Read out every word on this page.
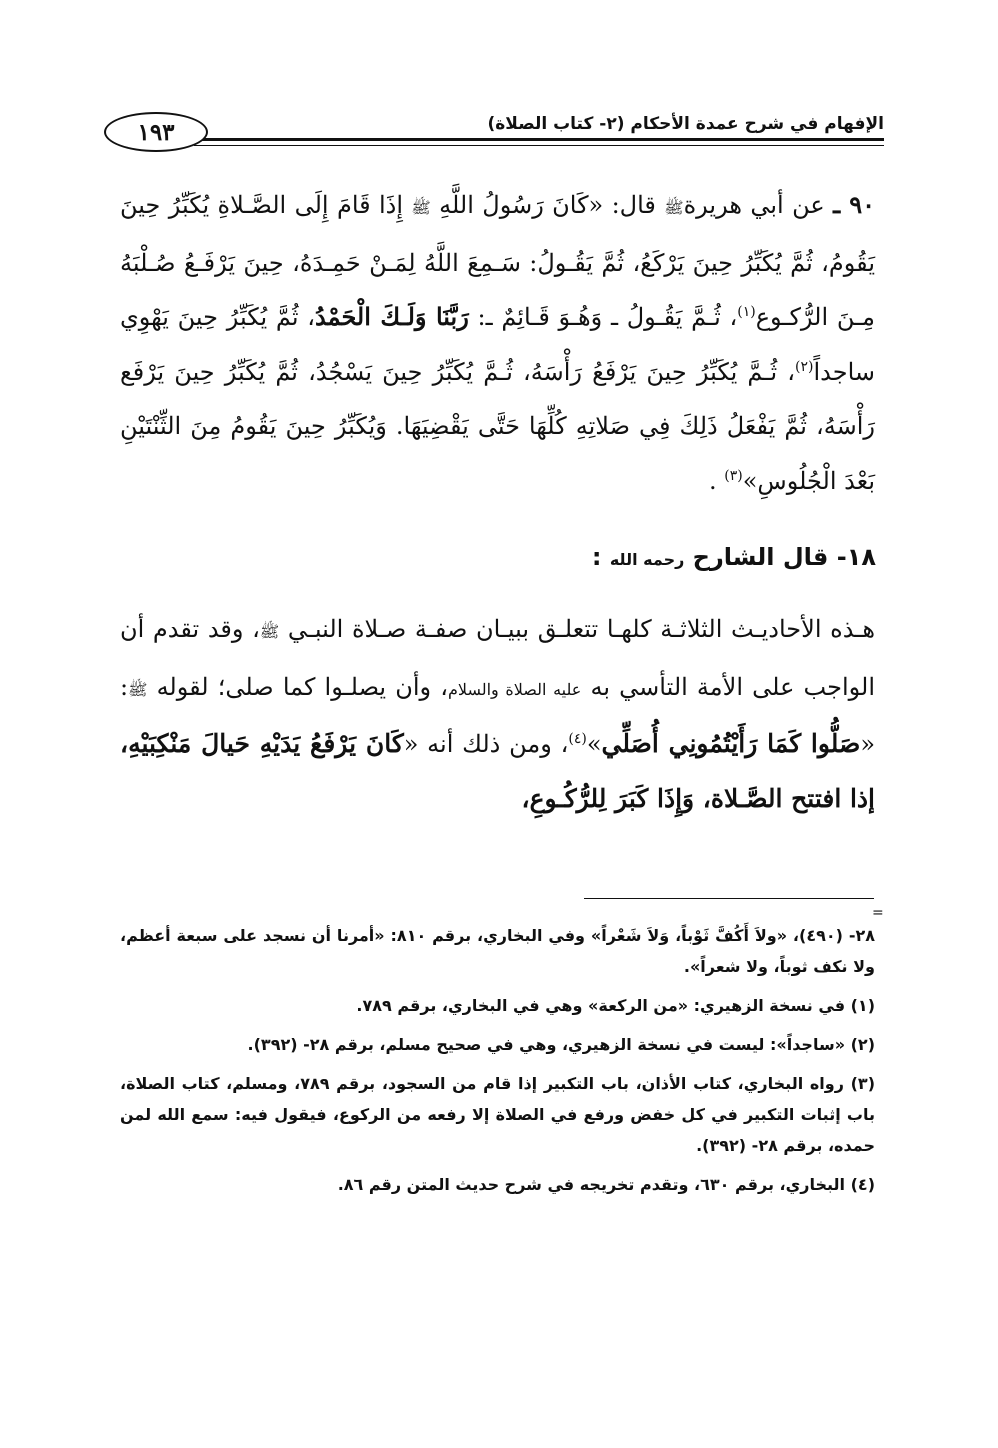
١٩٣	الإفهام في شرح عمدة الأحكام (٢- كتاب الصلاة)
٩٠ ـ عن أبي هريرةﷺ قال: «كَانَ رَسُولُ اللَّهِ ﷺ إِذَا قَامَ إِلَى الصَّـلاةِ يُكَبِّرُ حِينَ يَقُومُ، ثُمَّ يُكَبِّرُ حِينَ يَرْكَعُ، ثُمَّ يَقُـولُ: سَـمِعَ اللَّهُ لِمَـنْ حَمِـدَهُ، حِينَ يَرْفَـعُ صُـلْبَهُ مِـنَ الرُّكـوع$^{(١)}$، ثُـمَّ يَقُـولُ ـ وَهُـوَ قَـائِمٌ ـ: رَبَّنَا وَلَـكَ الْحَمْدُ، ثُمَّ يُكَبِّرُ حِينَ يَهْوِي ساجداً$^{(٢)}$، ثُـمَّ يُكَبِّرُ حِينَ يَرْفَعُ رَأْسَهُ، ثُـمَّ يُكَبِّرُ حِينَ يَسْجُدُ، ثُمَّ يُكَبِّرُ حِينَ يَرْفَع رَأْسَهُ، ثُمَّ يَفْعَلُ ذَلِكَ فِي صَلاتِهِ كُلِّهَا حَتَّى يَقْضِيَهَا. وَيُكَبِّرُ حِينَ يَقُومُ مِنَ الثِّنْتَيْنِ بَعْدَ الْجُلُوسِ»$^{(٣)}$ .
١٨- قال الشارح رحمه الله :
هـذه الأحاديـث الثلاثـة كلهـا تتعلـق ببيـان صفـة صـلاة النبـي ﷺ، وقد تقدم أن الواجب على الأمة التأسي به عليه الصلاة والسلام، وأن يصلـوا كما صلى؛ لقوله ﷺ: «صَلُّوا كَمَا رَأَيْتُمُونِي أُصَلِّي»$^{(٤)}$، ومن ذلك أنه «كَانَ يَرْفَعُ يَدَيْهِ حَيالَ مَنْكِبَيْهِ، إذا افتتح الصَّـلاة، وَإِذَا كَبَرَ لِلرُّكُـوعِ،
=

٢٨- (٤٩٠)، «ولاَ أَكُفَّ ثَوْباً، وَلاَ شَعْراً» وفي البخاري، برقم ٨١٠: «أمرنا أن نسجد على سبعة أعظم، ولا نكف ثوباً، ولا شعراً».

(١) في نسخة الزهيري: «من الركعة» وهي في البخاري، برقم ٧٨٩.

(٢) «ساجداً»: ليست في نسخة الزهيري، وهي في صحيح مسلم، برقم ٢٨- (٣٩٢).

(٣) رواه البخاري، كتاب الأذان، باب التكبير إذا قام من السجود، برقم ٧٨٩، ومسلم، كتاب الصلاة، باب إثبات التكبير في كل خفض ورفع في الصلاة إلا رفعه من الركوع، فيقول فيه: سمع الله لمن حمده، برقم ٢٨- (٣٩٢).

(٤) البخاري، برقم ٦٣٠، وتقدم تخريجه في شرح حديث المتن رقم ٨٦.
